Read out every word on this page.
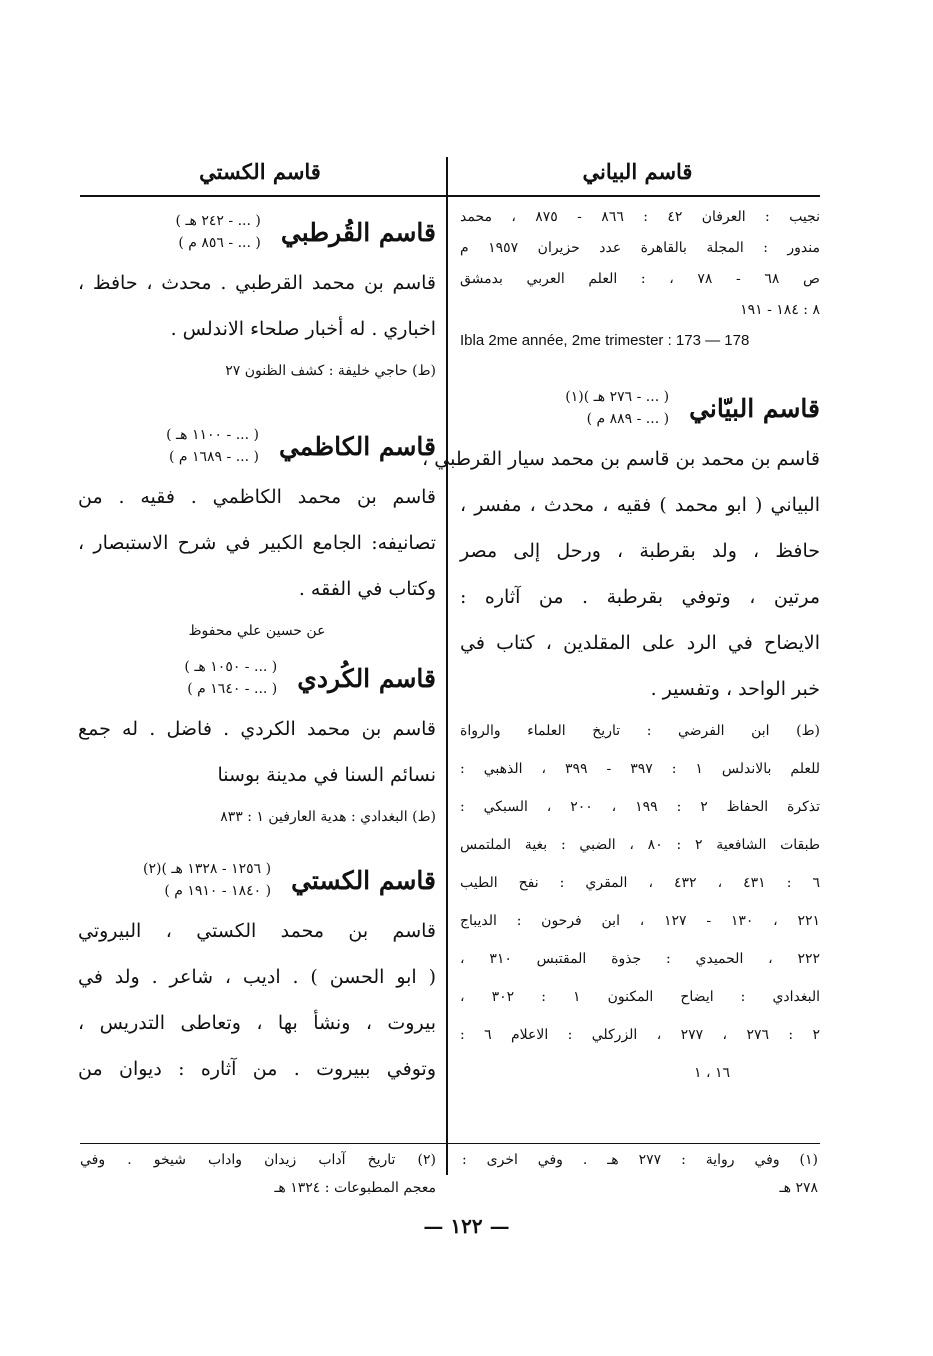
قاسم الكستي	قاسم البياني
نجيب : العرفان ٤٢ : ٨٦٦ - ٨٧٥ ، محمد
مندور : المجلة بالقاهرة عدد حزيران ١٩٥٧ م
ص ٦٨ - ٧٨ ، : العلم العربي بدمشق
٨ : ١٨٤ - ١٩١
Ibla 2me année, 2me trimester : 173 — 178
قاسم البيّاني
( ... - ٢٧٦ هـ )(١)
( ... - ٨٨٩ م )
قاسم بن محمد بن قاسم بن محمد سيار القرطبي ،
البياني ( ابو محمد ) فقيه ، محدث ، مفسر ،
حافظ ، ولد بقرطبة ، ورحل إلى مصر
مرتين ، وتوفي بقرطبة . من آثاره :
الايضاح في الرد على المقلدين ، كتاب في
خبر الواحد ، وتفسير .
(ط) ابن الفرضي : تاريخ العلماء والرواة
للعلم بالاندلس ١ : ٣٩٧ - ٣٩٩ ، الذهبي :
تذكرة الحفاظ ٢ : ١٩٩ ، ٢٠٠ ، السبكي :
طبقات الشافعية ٢ : ٨٠ ، الضبي : بغية الملتمس
٦ : ٤٣١ ، ٤٣٢ ، المقري : نفح الطيب
٢٢١ ، ١٣٠ - ١٢٧ ، ابن فرحون : الديباج
٢٢٢ ، الحميدي : جذوة المقتبس ٣١٠ ،
البغدادي : ايضاح المكنون ١ : ٣٠٢ ،
٢ : ٢٧٦ ، ٢٧٧ ، الزركلي : الاعلام ٦ :
١٦ ، ١
قاسم القُرطبي
( ... - ٢٤٢ هـ )
( ... - ٨٥٦ م )
قاسم بن محمد القرطبي . محدث ، حافظ ،
اخباري . له أخبار صلحاء الاندلس .
(ط) حاجي خليفة : كشف الظنون ٢٧
قاسم الكاظمي
( ... - ١١٠٠ هـ )
( ... - ١٦٨٩ م )
قاسم بن محمد الكاظمي . فقيه . من
تصانيفه: الجامع الكبير في شرح الاستبصار ،
وكتاب في الفقه .
عن حسين علي محفوظ
قاسم الكُردي
( ... - ١٠٥٠ هـ )
( ... - ١٦٤٠ م )
قاسم بن محمد الكردي . فاضل . له جمع
نسائم السنا في مدينة بوسنا
(ط) البغدادي : هدية العارفين ١ : ٨٣٣
قاسم الكستي
( ١٢٥٦ - ١٣٢٨ هـ )(٢)
( ١٨٤٠ - ١٩١٠ م )
قاسم بن محمد الكستي ، البيروتي
( ابو الحسن ) . اديب ، شاعر . ولد في
بيروت ، ونشأ بها ، وتعاطى التدريس ،
وتوفي ببيروت . من آثاره : ديوان من
(١) وفي رواية : ٢٧٧ هـ . وفي اخرى :
٢٧٨ هـ
(٢) تاريخ آداب زيدان واداب شيخو . وفي
معجم المطبوعات : ١٣٢٤ هـ
— ١٢٢ —
